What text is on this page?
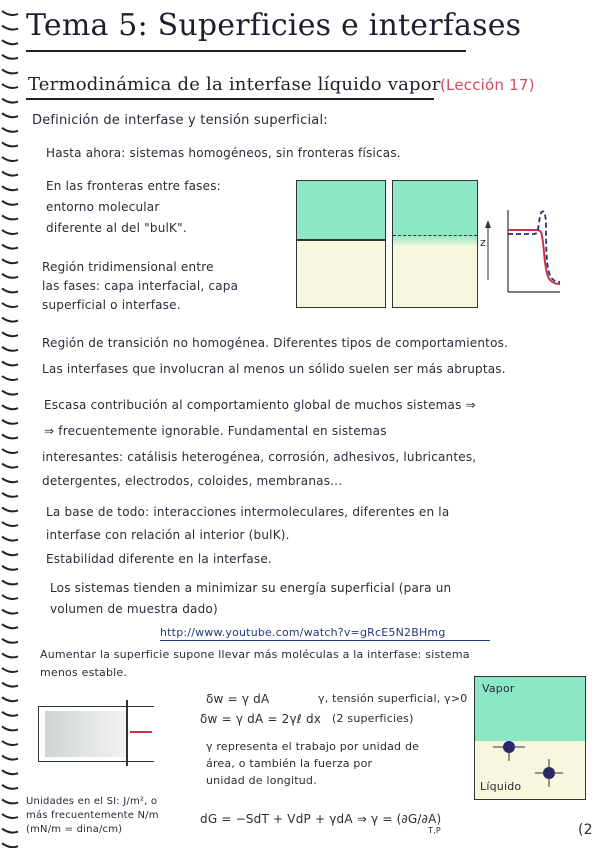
Tema 5: Superficies e interfases
Termodinámica de la interfase líquido vapor (Lección 17)
Definición de interfase y tensión superficial:
Hasta ahora: sistemas homogéneos, sin fronteras físicas.
En las fronteras entre fases:
entorno molecular
diferente al del "bulK".
Región tridimensional entre
las fases: capa interfacial, capa
superficial o interfase.
z
Región de transición no homogénea. Diferentes tipos de comportamientos.
Las interfases que involucran al menos un sólido suelen ser más abruptas.
Escasa contribución al comportamiento global de muchos sistemas ⇒
⇒ frecuentemente ignorable. Fundamental en sistemas
interesantes: catálisis heterogénea, corrosión, adhesivos, lubricantes,
detergentes, electrodos, coloides, membranas...
La base de todo: interacciones intermoleculares, diferentes en la
interfase con relación al interior (bulK).
Estabilidad diferente en la interfase.
Los sistemas tienden a minimizar su energía superficial (para un
volumen de muestra dado)
http://www.youtube.com/watch?v=gRcE5N2BHmg
Aumentar la superficie supone llevar más moléculas a la interfase: sistema
menos estable.
δw = γ dA	γ, tensión superficial, γ>0
δw = γ dA = 2γℓ dx (2 superficies)
γ representa el trabajo por unidad de
área, o también la fuerza por
unidad de longitud.
Unidades en el SI: J/m², o
más frecuentemente N/m
(mN/m = dina/cm)
dG = −SdT + VdP + γdA ⇒ γ = (∂G/∂A)
T,P
Vapor
Líquido
(2
